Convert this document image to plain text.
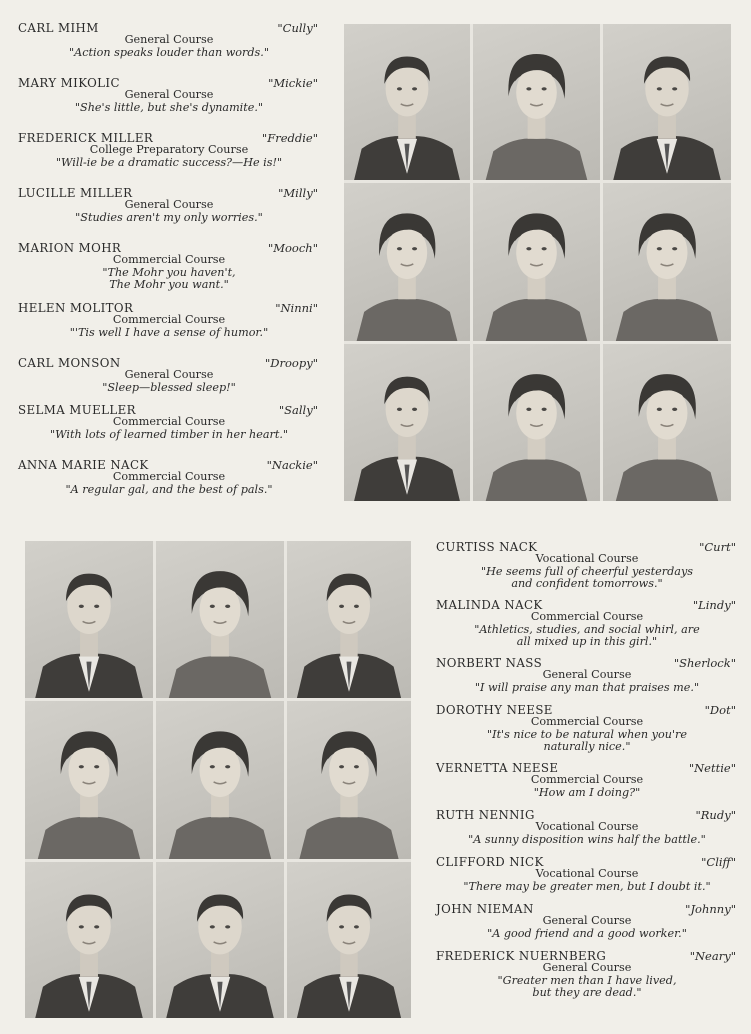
CARL MIHM	"Cully"
General Course
"Action speaks louder than words."
MARY MIKOLIC	"Mickie"
General Course
"She's little, but she's dynamite."
FREDERICK MILLER	"Freddie"
College Preparatory Course
"Will-ie be a dramatic success?—He is!"
LUCILLE MILLER	"Milly"
General Course
"Studies aren't my only worries."
MARION MOHR	"Mooch"
Commercial Course
"The Mohr you haven't,
The Mohr you want."
HELEN MOLITOR	"Ninni"
Commercial Course
"'Tis well I have a sense of humor."
CARL MONSON	"Droopy"
General Course
"Sleep—blessed sleep!"
SELMA MUELLER	"Sally"
Commercial Course
"With lots of learned timber in her heart."
ANNA MARIE NACK	"Nackie"
Commercial Course
"A regular gal, and the best of pals."
CURTISS NACK	"Curt"
Vocational Course
"He seems full of cheerful yesterdays
and confident tomorrows."
MALINDA NACK	"Lindy"
Commercial Course
"Athletics, studies, and social whirl, are
all mixed up in this girl."
NORBERT NASS	"Sherlock"
General Course
"I will praise any man that praises me."
DOROTHY NEESE	"Dot"
Commercial Course
"It's nice to be natural when you're
naturally nice."
VERNETTA NEESE	"Nettie"
Commercial Course
"How am I doing?"
RUTH NENNIG	"Rudy"
Vocational Course
"A sunny disposition wins half the battle."
CLIFFORD NICK	"Cliff"
Vocational Course
"There may be greater men, but I doubt it."
JOHN NIEMAN	"Johnny"
General Course
"A good friend and a good worker."
FREDERICK NUERNBERG	"Neary"
General Course
"Greater men than I have lived,
but they are dead."
